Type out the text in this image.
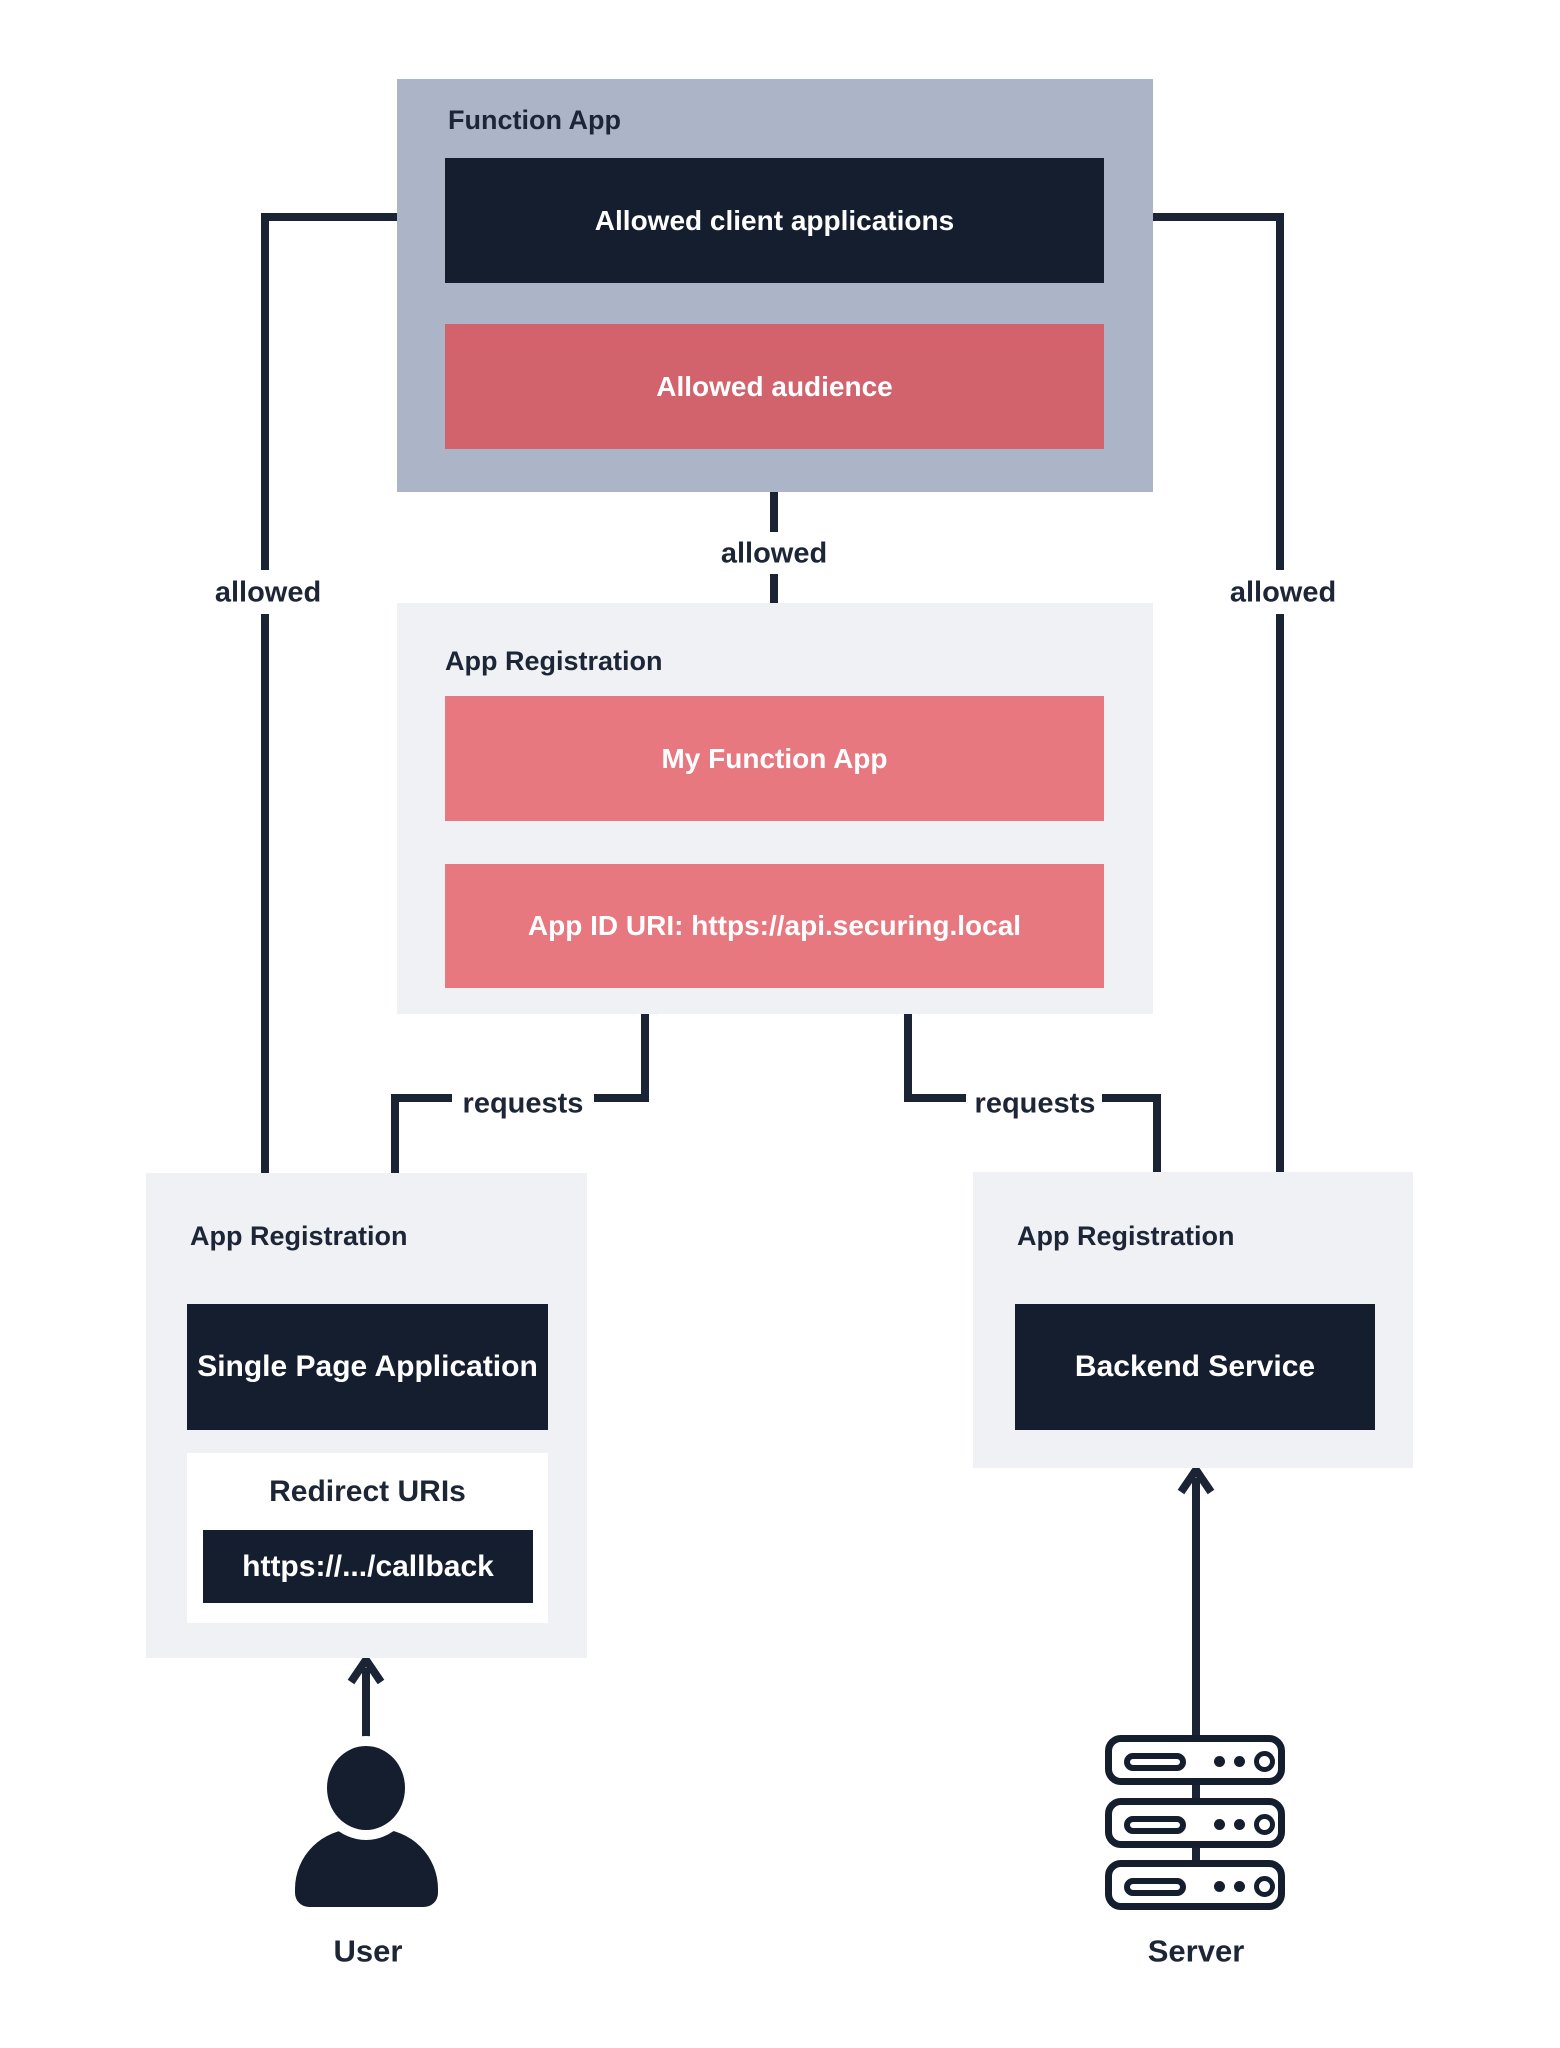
Function App
Allowed client applications
Allowed audience
App Registration
My Function App
App ID URI: https://api.securing.local
App Registration
Single Page Application
Redirect URIs
https://.../callback
App Registration
Backend Service
allowed
allowed
allowed
requests	requests
User	Server
